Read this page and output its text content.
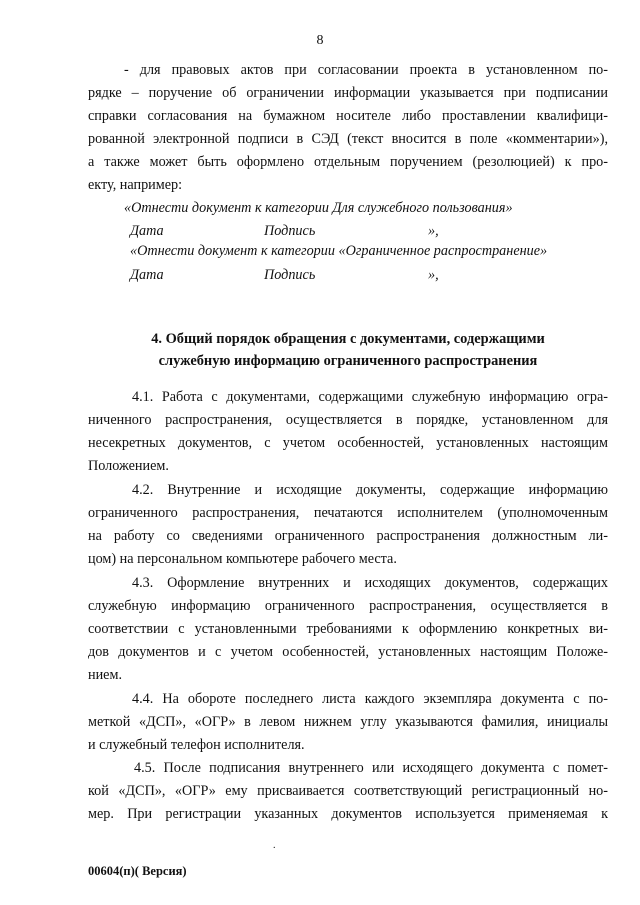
8
- для правовых актов при согласовании проекта в установленном по-
рядке – поручение об ограничении информации указывается при подписании
справки согласования на бумажном носителе либо проставлении квалифици-
рованной электронной подписи в СЭД (текст вносится в поле «комментарии»),
а также может быть оформлено отдельным поручением (резолюцией) к про-
екту, например:
«Отнести документ к категории Для служебного пользования»
Дата	Подпись	»,
«Отнести документ к категории «Ограниченное распространение»
Дата	Подпись	»,
4. Общий порядок обращения с документами, содержащими
служебную информацию ограниченного распространения
4.1. Работа с документами, содержащими служебную информацию огра-
ниченного распространения, осуществляется в порядке, установленном для
несекретных документов, с учетом особенностей, установленных настоящим
Положением.
4.2. Внутренние и исходящие документы, содержащие информацию
ограниченного распространения, печатаются исполнителем (уполномоченным
на работу со сведениями ограниченного распространения должностным ли-
цом) на персональном компьютере рабочего места.
4.3. Оформление внутренних и исходящих документов, содержащих
служебную информацию ограниченного распространения, осуществляется в
соответствии с установленными требованиями к оформлению конкретных ви-
дов документов и с учетом особенностей, установленных настоящим Положе-
нием.
4.4. На обороте последнего листа каждого экземпляра документа с по-
меткой «ДСП», «ОГР» в левом нижнем углу указываются фамилия, инициалы
и служебный телефон исполнителя.
4.5. После подписания внутреннего или исходящего документа с помет-
кой «ДСП», «ОГР» ему присваивается соответствующий регистрационный но-
мер. При регистрации указанных документов используется применяемая к
.
00604(п)( Версия)
